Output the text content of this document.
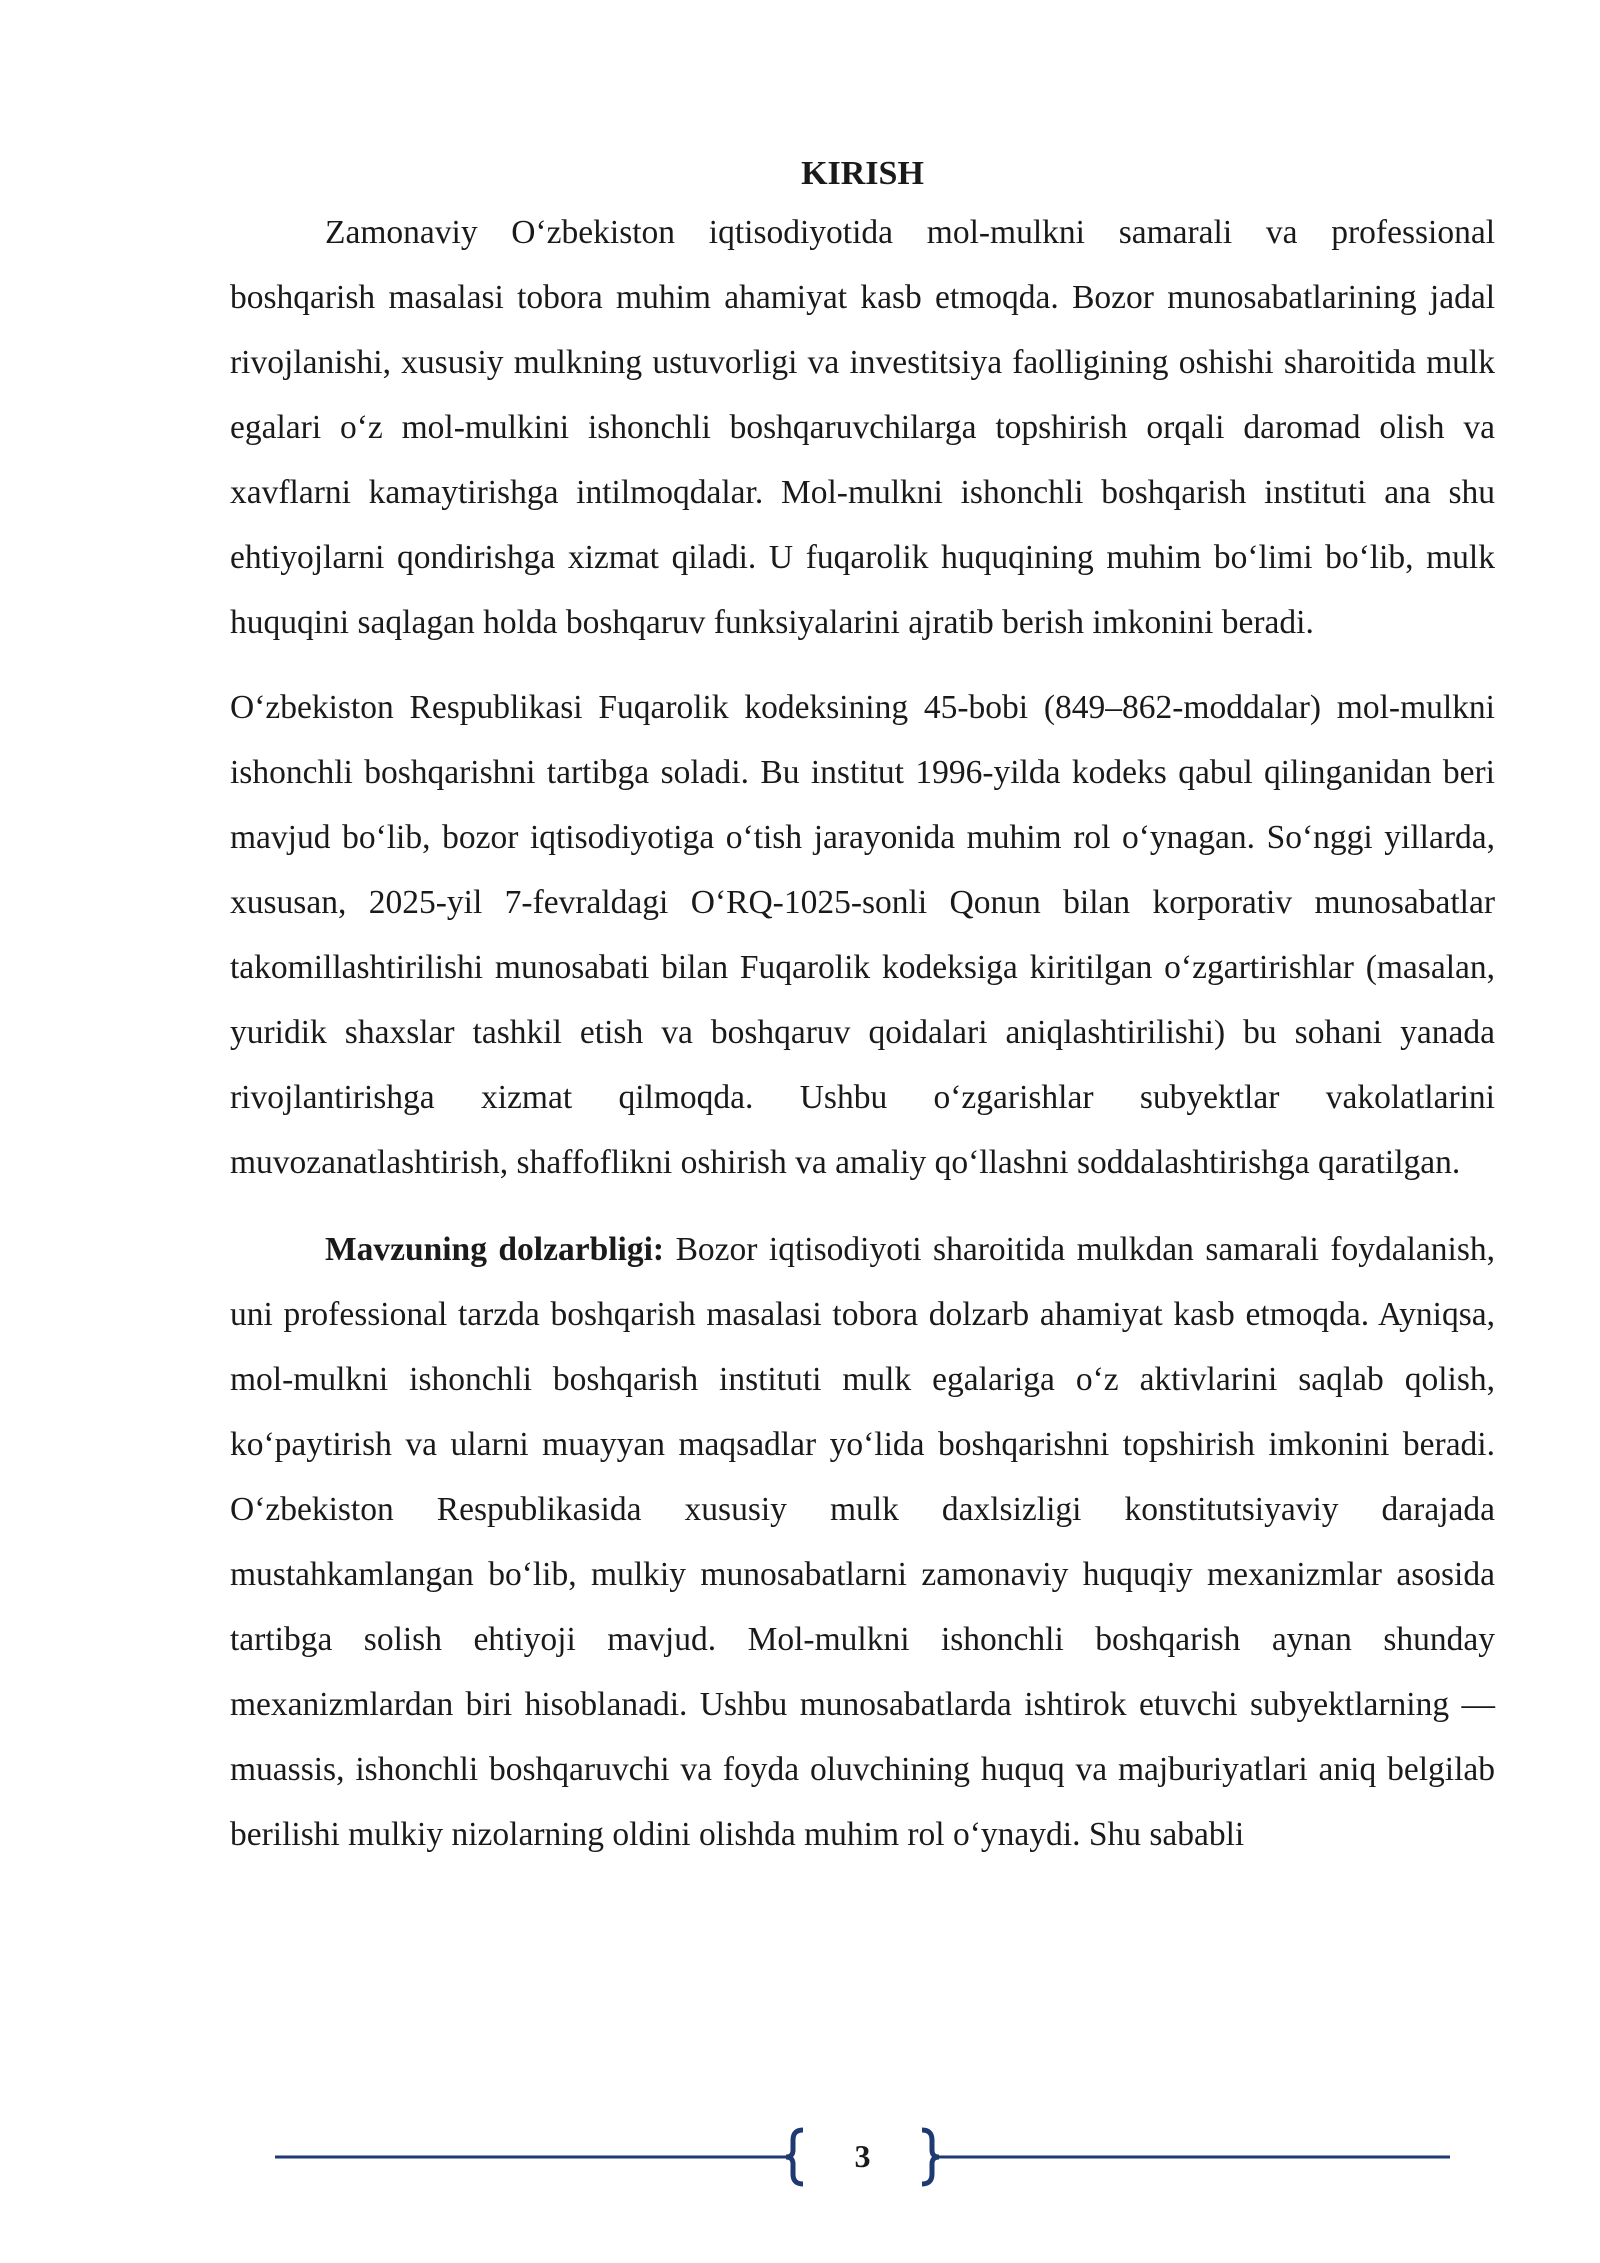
KIRISH

Zamonaviy O‘zbekiston iqtisodiyotida mol-mulkni samarali va professional boshqarish masalasi tobora muhim ahamiyat kasb etmoqda. Bozor munosabatlarining jadal rivojlanishi, xususiy mulkning ustuvorligi va investitsiya faolligining oshishi sharoitida mulk egalari o‘z mol-mulkini ishonchli boshqaruvchilarga topshirish orqali daromad olish va xavflarni kamaytirishga intilmoqdalar. Mol-mulkni ishonchli boshqarish instituti ana shu ehtiyojlarni qondirishga xizmat qiladi. U fuqarolik huquqining muhim bo‘limi bo‘lib, mulk huquqini saqlagan holda boshqaruv funksiyalarini ajratib berish imkonini beradi.

O‘zbekiston Respublikasi Fuqarolik kodeksining 45-bobi (849–862-moddalar) mol-mulkni ishonchli boshqarishni tartibga soladi. Bu institut 1996-yilda kodeks qabul qilinganidan beri mavjud bo‘lib, bozor iqtisodiyotiga o‘tish jarayonida muhim rol o‘ynagan. So‘nggi yillarda, xususan, 2025-yil 7-fevraldagi O‘RQ-1025-sonli Qonun bilan korporativ munosabatlar takomillashtirilishi munosabati bilan Fuqarolik kodeksiga kiritilgan o‘zgartirishlar (masalan, yuridik shaxslar tashkil etish va boshqaruv qoidalari aniqlashtirilishi) bu sohani yanada rivojlantirishga xizmat qilmoqda. Ushbu o‘zgarishlar subyektlar vakolatlarini muvozanatlashtirish, shaffoflikni oshirish va amaliy qo‘llashni soddalashtirishga qaratilgan.

Mavzuning dolzarbligi: Bozor iqtisodiyoti sharoitida mulkdan samarali foydalanish, uni professional tarzda boshqarish masalasi tobora dolzarb ahamiyat kasb etmoqda. Ayniqsa, mol-mulkni ishonchli boshqarish instituti mulk egalariga o‘z aktivlarini saqlab qolish, ko‘paytirish va ularni muayyan maqsadlar yo‘lida boshqarishni topshirish imkonini beradi. O‘zbekiston Respublikasida xususiy mulk daxlsizligi konstitutsiyaviy darajada mustahkamlangan bo‘lib, mulkiy munosabatlarni zamonaviy huquqiy mexanizmlar asosida tartibga solish ehtiyoji mavjud. Mol-mulkni ishonchli boshqarish aynan shunday mexanizmlardan biri hisoblanadi. Ushbu munosabatlarda ishtirok etuvchi subyektlarning — muassis, ishonchli boshqaruvchi va foyda oluvchining huquq va majburiyatlari aniq belgilab berilishi mulkiy nizolarning oldini olishda muhim rol o‘ynaydi. Shu sababli

3
